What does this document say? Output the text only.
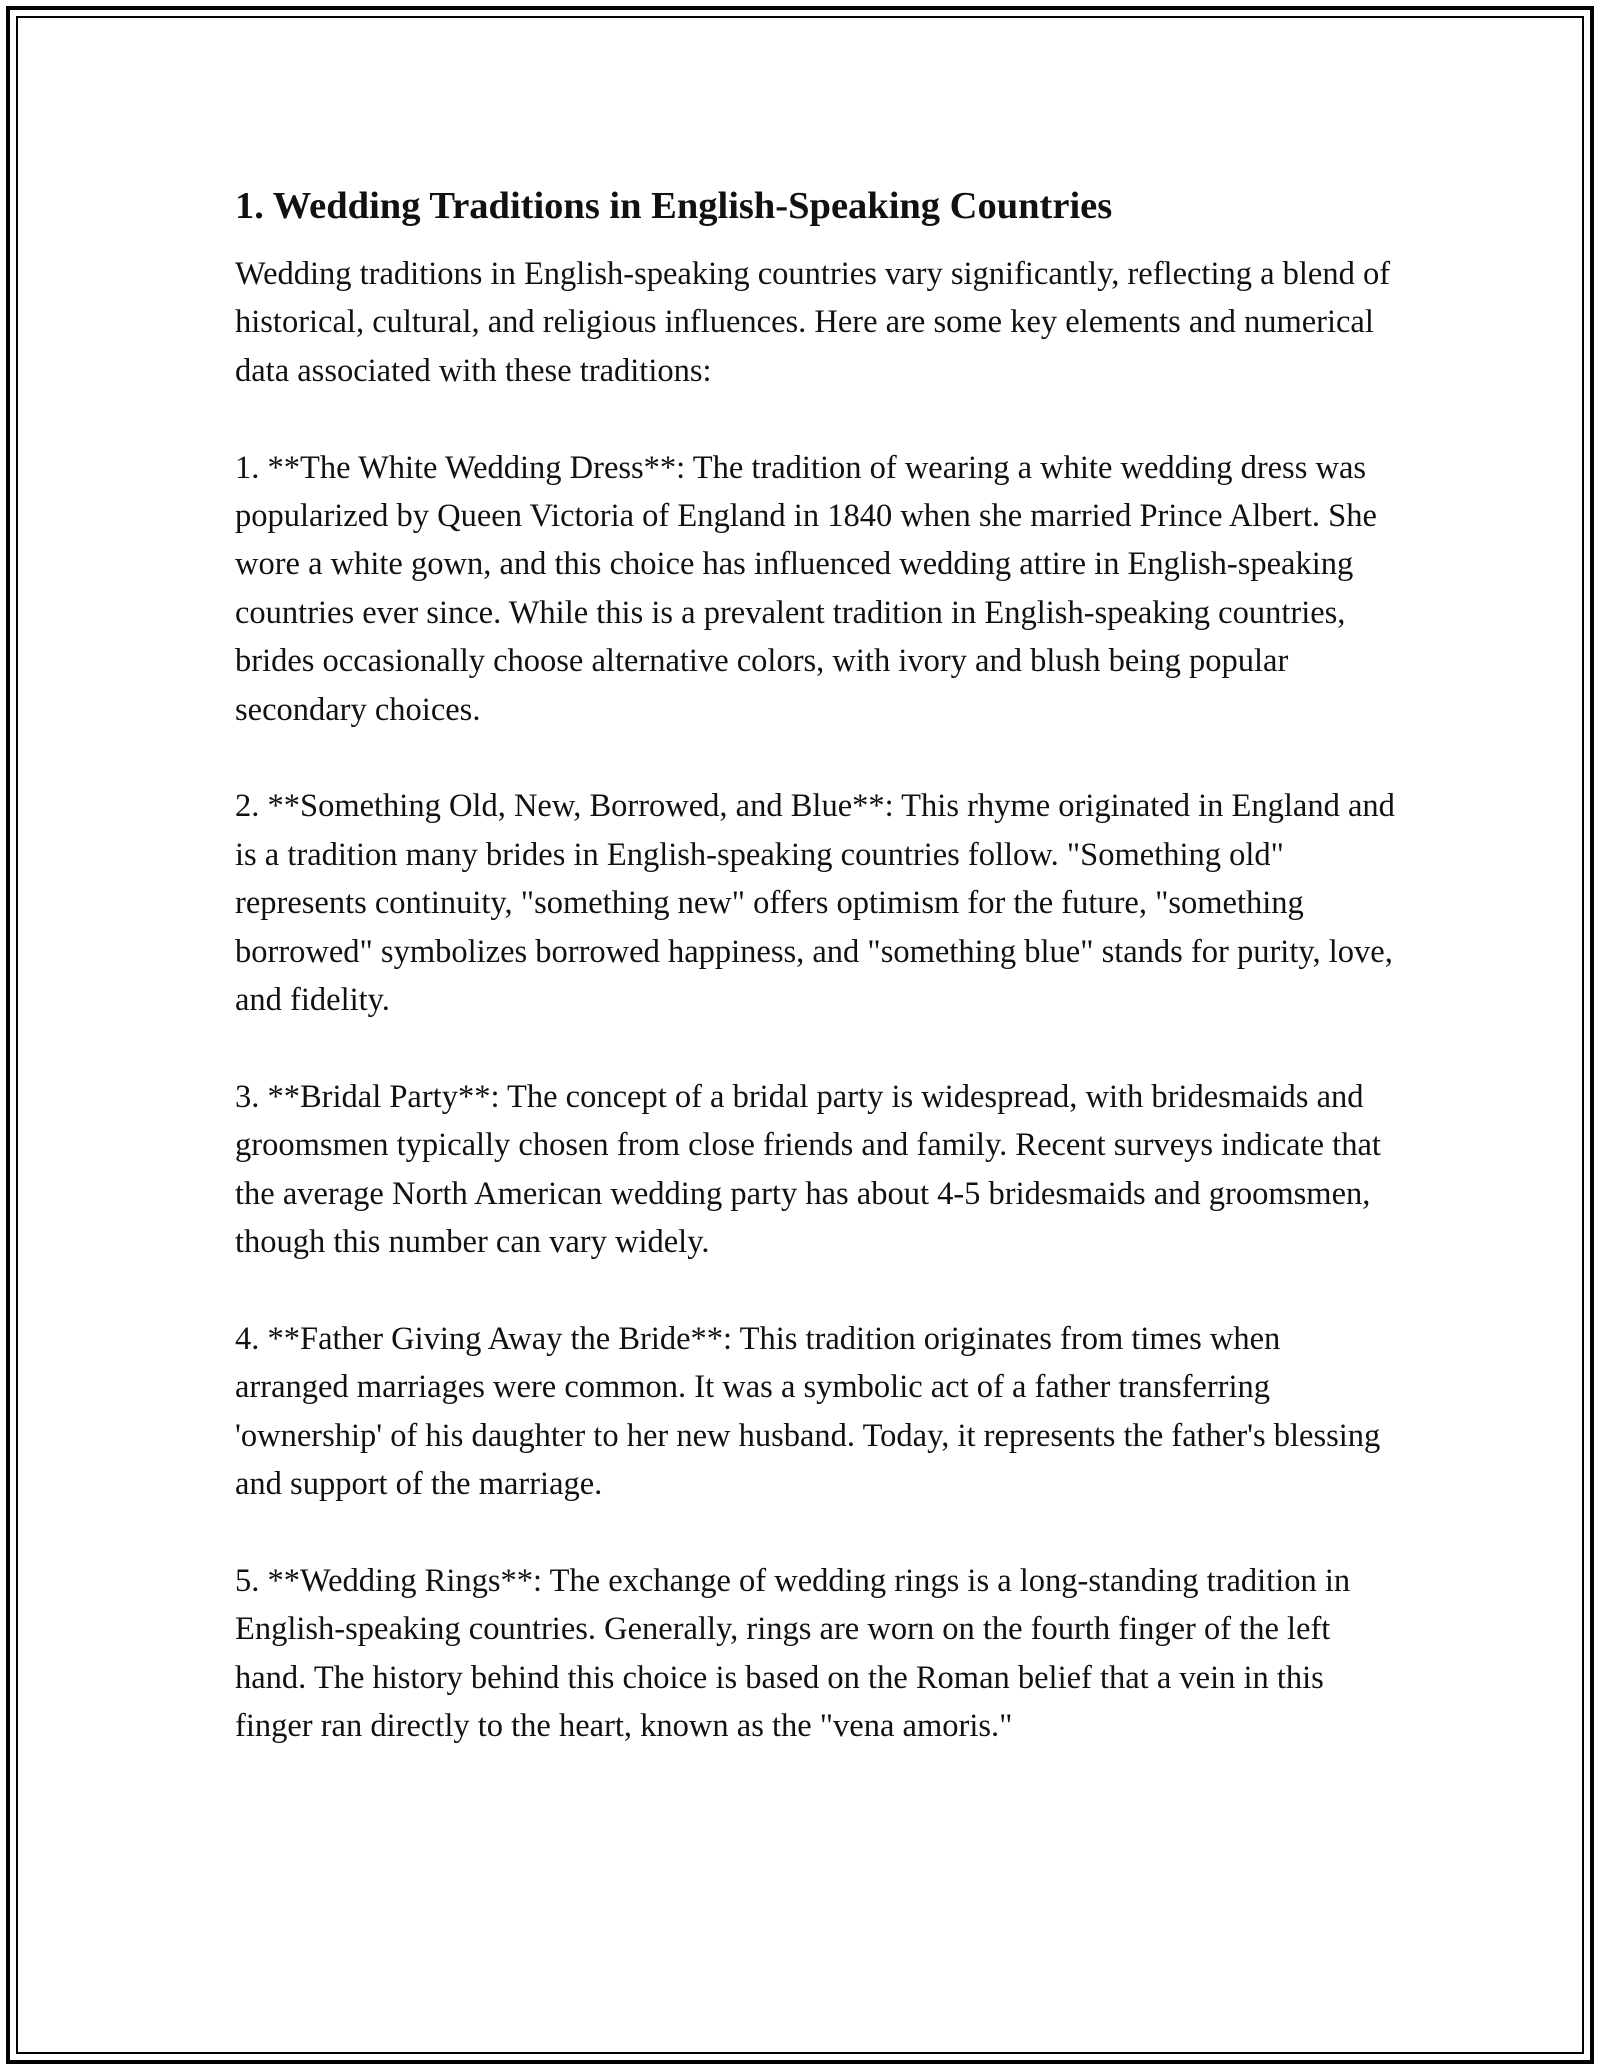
1. Wedding Traditions in English-Speaking Countries

Wedding traditions in English-speaking countries vary significantly, reflecting a blend of historical, cultural, and religious influences. Here are some key elements and numerical data associated with these traditions:

1. **The White Wedding Dress**: The tradition of wearing a white wedding dress was popularized by Queen Victoria of England in 1840 when she married Prince Albert. She wore a white gown, and this choice has influenced wedding attire in English-speaking countries ever since. While this is a prevalent tradition in English-speaking countries, brides occasionally choose alternative colors, with ivory and blush being popular secondary choices.

2. **Something Old, New, Borrowed, and Blue**: This rhyme originated in England and is a tradition many brides in English-speaking countries follow. "Something old" represents continuity, "something new" offers optimism for the future, "something borrowed" symbolizes borrowed happiness, and "something blue" stands for purity, love, and fidelity.

3. **Bridal Party**: The concept of a bridal party is widespread, with bridesmaids and groomsmen typically chosen from close friends and family. Recent surveys indicate that the average North American wedding party has about 4-5 bridesmaids and groomsmen, though this number can vary widely.

4. **Father Giving Away the Bride**: This tradition originates from times when arranged marriages were common. It was a symbolic act of a father transferring 'ownership' of his daughter to her new husband. Today, it represents the father's blessing and support of the marriage.

5. **Wedding Rings**: The exchange of wedding rings is a long-standing tradition in English-speaking countries. Generally, rings are worn on the fourth finger of the left hand. The history behind this choice is based on the Roman belief that a vein in this finger ran directly to the heart, known as the "vena amoris."
